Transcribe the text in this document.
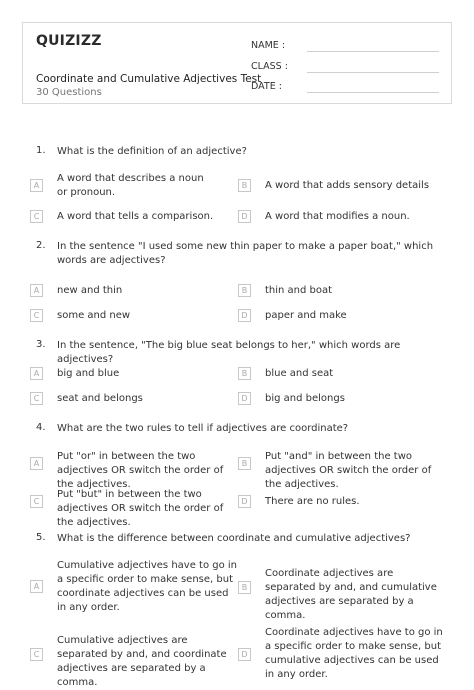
QUIZIZZ
Coordinate and Cumulative Adjectives Test
30 Questions
NAME :
CLASS :
DATE :
1. What is the definition of an adjective?
A
A word that describes a noun or pronoun.
B	A word that adds sensory details
C	A word that tells a comparison.	D	A word that modifies a noun.
2. In the sentence "I used some new thin paper to make a paper boat," which words are adjectives?
A	new and thin	B	thin and boat
C	some and new	D	paper and make
3. In the sentence, "The big blue seat belongs to her," which words are adjectives?
A	big and blue	B	blue and seat
C	seat and belongs	D	big and belongs
4. What are the two rules to tell if adjectives are coordinate?
A
Put "or" in between the two adjectives OR switch the order of the adjectives.
B
Put "and" in between the two adjectives OR switch the order of the adjectives.
C
Put "but" in between the two adjectives OR switch the order of the adjectives.
D	There are no rules.
5. What is the difference between coordinate and cumulative adjectives?
A
Cumulative adjectives have to go in a specific order to make sense, but coordinate adjectives can be used in any order.
B
Coordinate adjectives are separated by and, and cumulative adjectives are separated by a comma.
C
Cumulative adjectives are separated by and, and coordinate adjectives are separated by a comma.
D
Coordinate adjectives have to go in a specific order to make sense, but cumulative adjectives can be used in any order.
